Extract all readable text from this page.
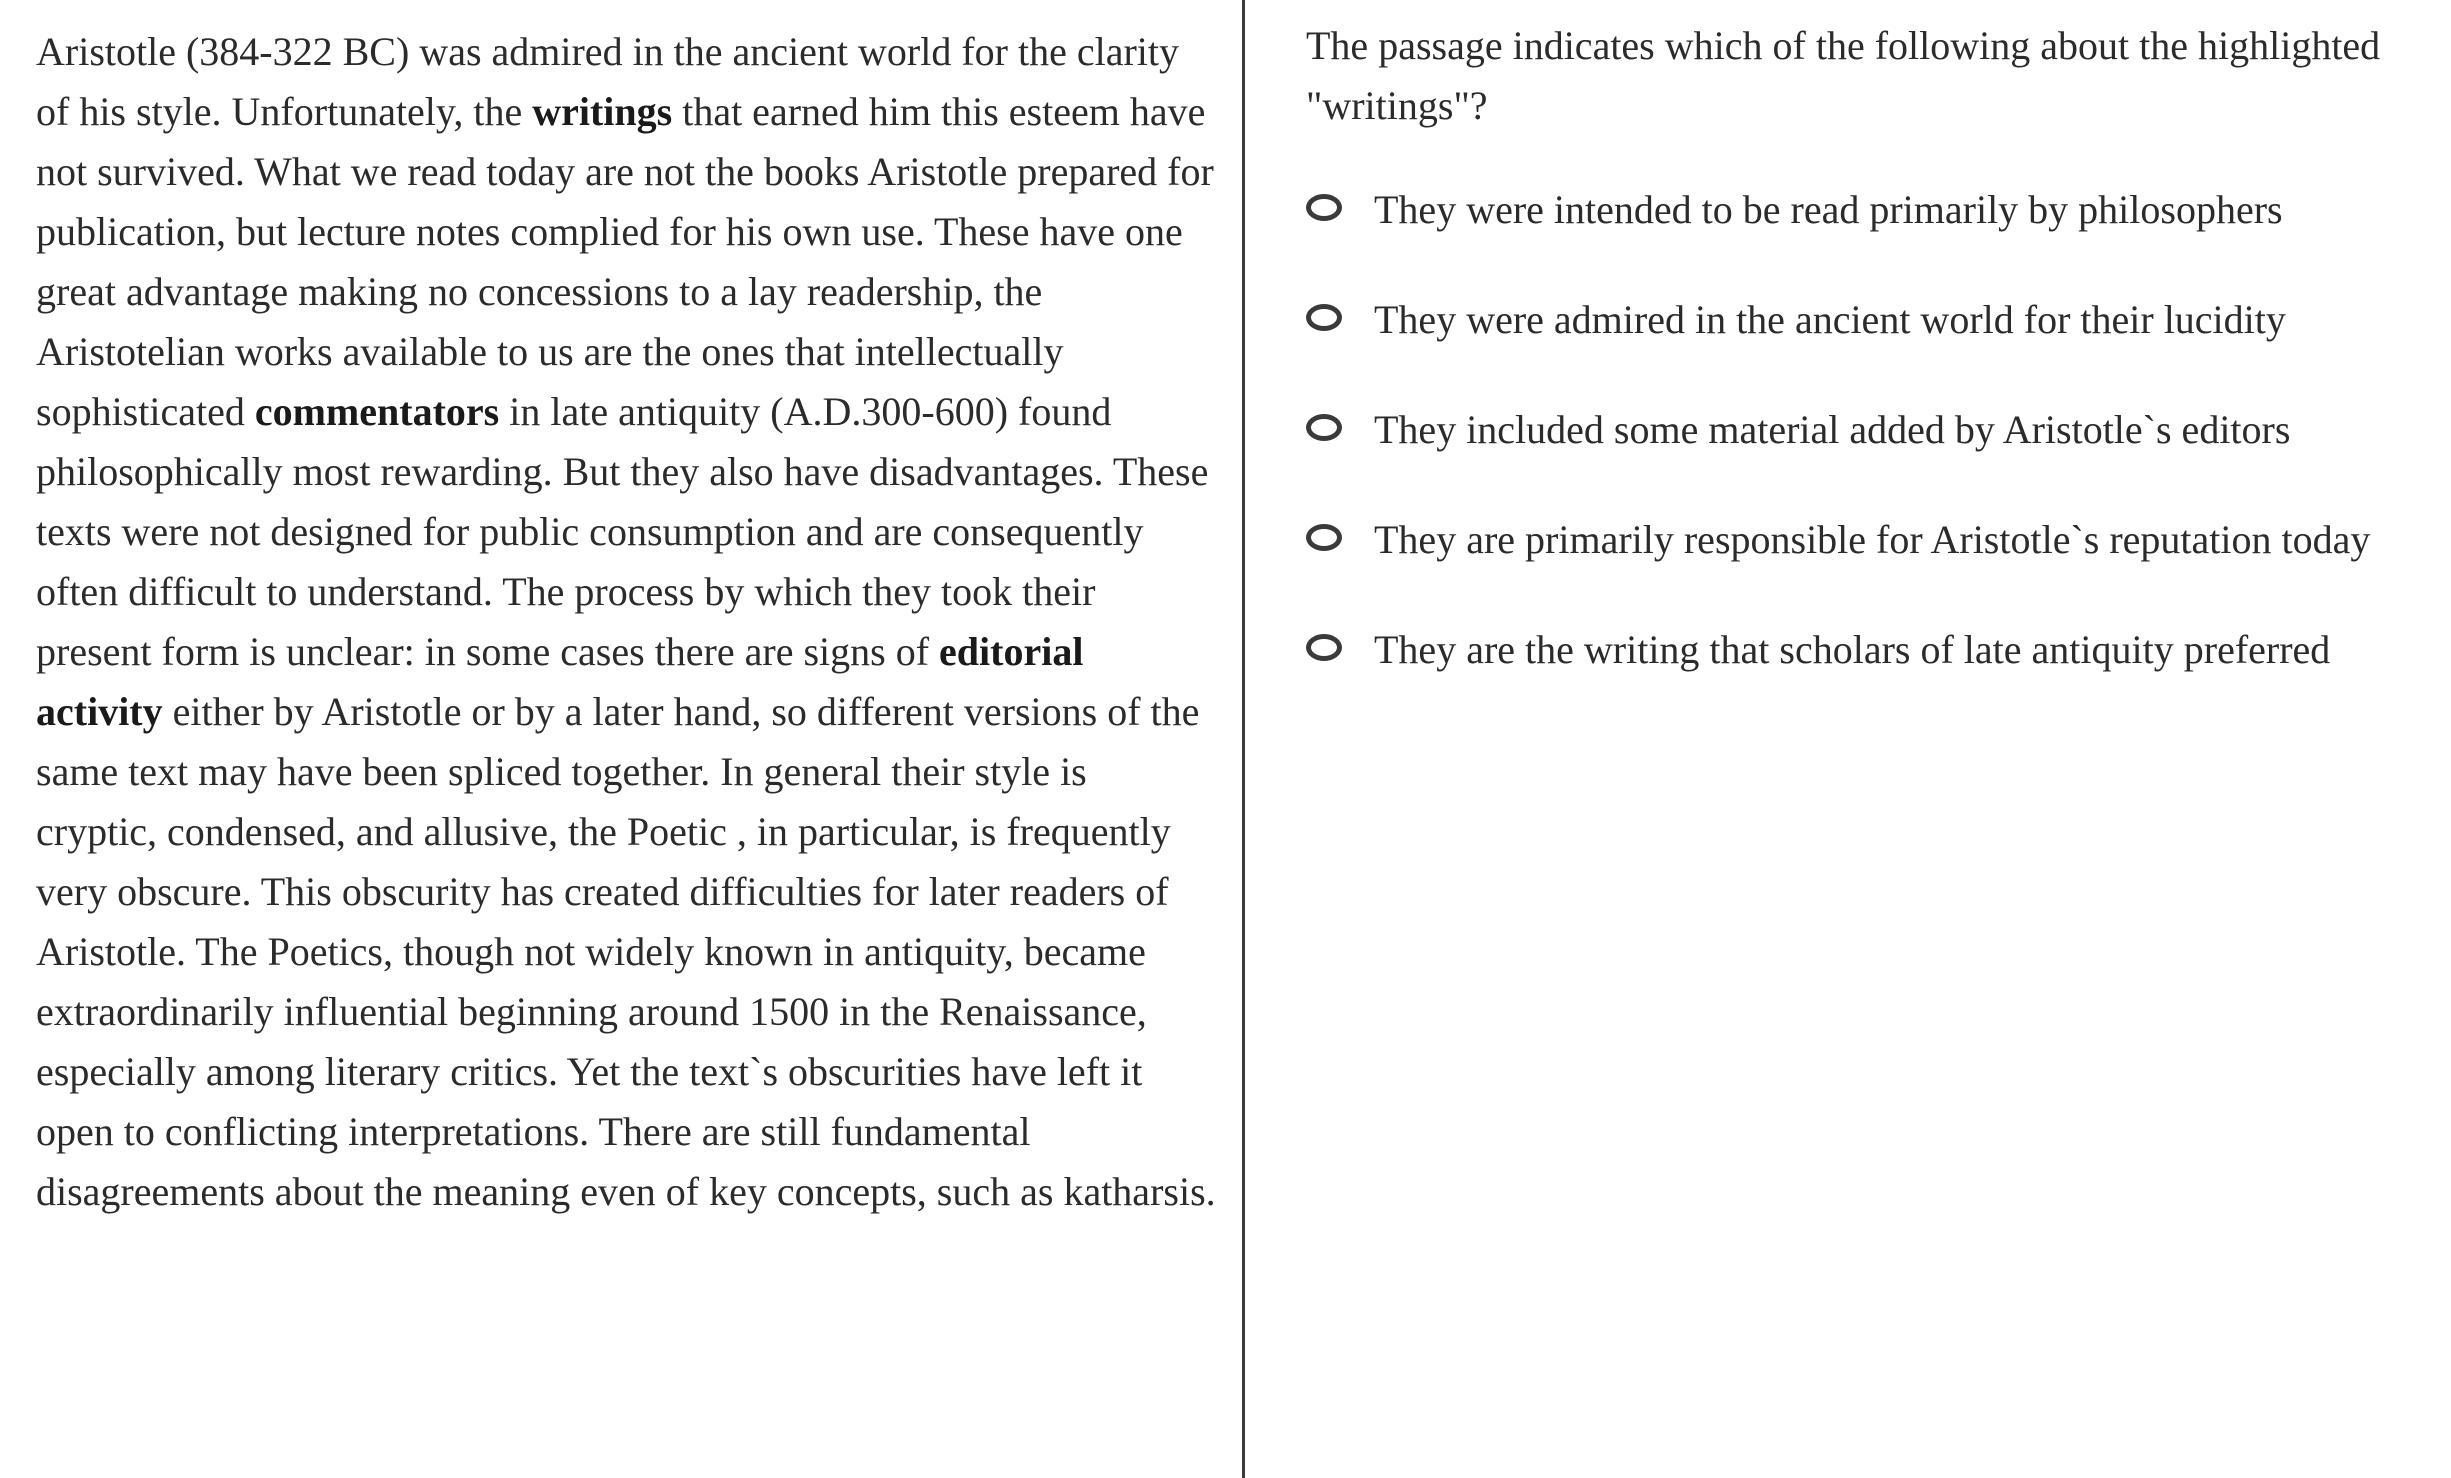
Aristotle (384-322 BC) was admired in the ancient world for the clarity of his style. Unfortunately, the writings that earned him this esteem have not survived. What we read today are not the books Aristotle prepared for publication, but lecture notes complied for his own use. These have one great advantage making no concessions to a lay readership, the Aristotelian works available to us are the ones that intellectually sophisticated commentators in late antiquity (A.D.300-600) found philosophically most rewarding. But they also have disadvantages. These texts were not designed for public consumption and are consequently often difficult to understand. The process by which they took their present form is unclear: in some cases there are signs of editorial activity either by Aristotle or by a later hand, so different versions of the same text may have been spliced together. In general their style is cryptic, condensed, and allusive, the Poetic , in particular, is frequently very obscure. This obscurity has created difficulties for later readers of Aristotle. The Poetics, though not widely known in antiquity, became extraordinarily influential beginning around 1500 in the Renaissance, especially among literary critics. Yet the text`s obscurities have left it open to conflicting interpretations. There are still fundamental disagreements about the meaning even of key concepts, such as katharsis.

The passage indicates which of the following about the highlighted "writings"?

They were intended to be read primarily by philosophers
They were admired in the ancient world for their lucidity
They included some material added by Aristotle`s editors
They are primarily responsible for Aristotle`s reputation today
They are the writing that scholars of late antiquity preferred
